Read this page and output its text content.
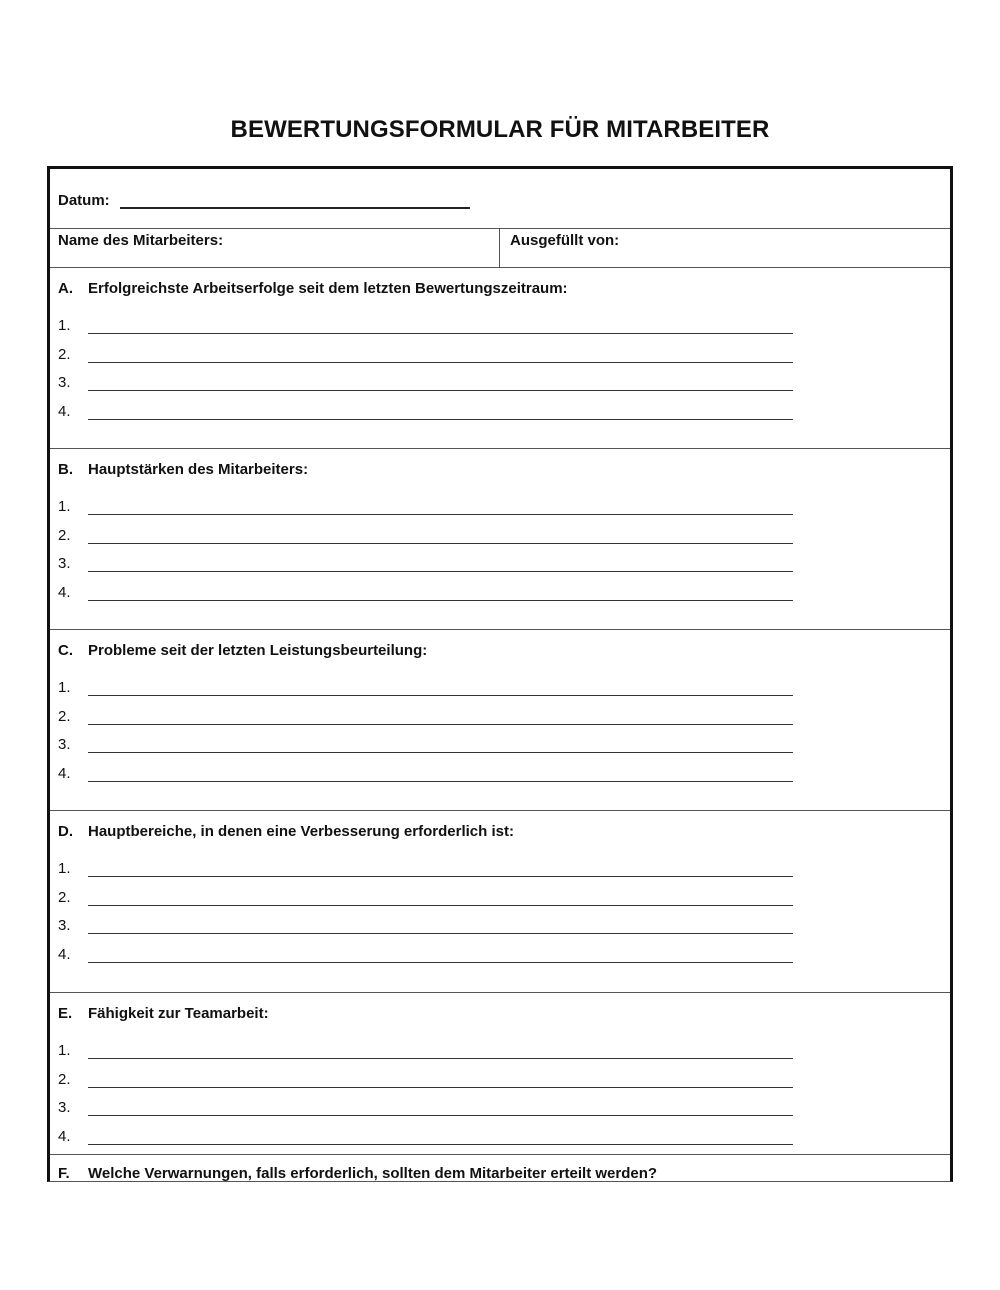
BEWERTUNGSFORMULAR FÜR MITARBEITER
Datum:
Name des Mitarbeiters:	Ausgefüllt von:
A. Erfolgreichste Arbeitserfolge seit dem letzten Bewertungszeitraum:
1.
2.
3.
4.
B. Hauptstärken des Mitarbeiters:
1.
2.
3.
4.
C. Probleme seit der letzten Leistungsbeurteilung:
1.
2.
3.
4.
D. Hauptbereiche, in denen eine Verbesserung erforderlich ist:
1.
2.
3.
4.
E. Fähigkeit zur Teamarbeit:
1.
2.
3.
4.
F. Welche Verwarnungen, falls erforderlich, sollten dem Mitarbeiter erteilt werden?
